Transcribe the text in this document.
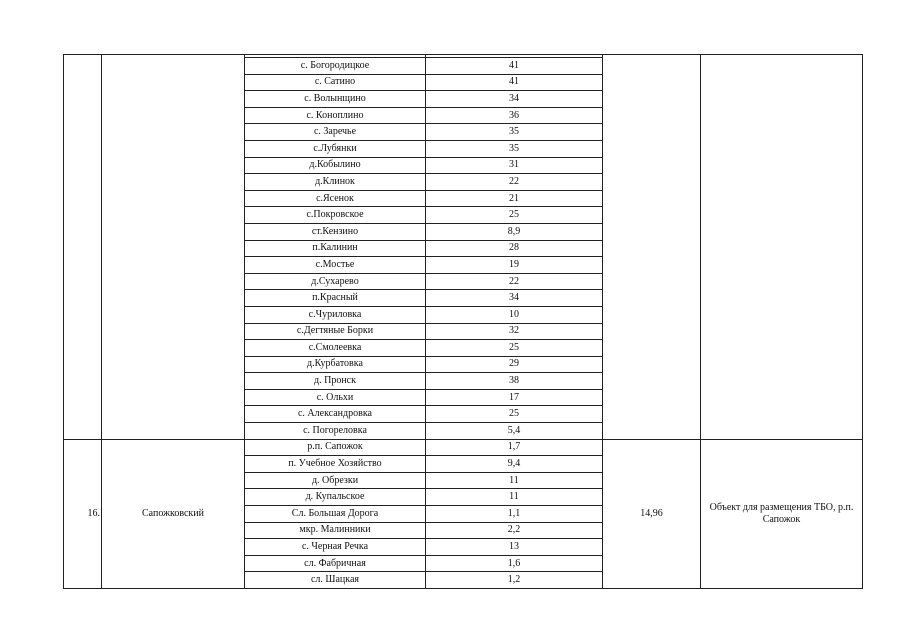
		с. Богородицкое	41		
		с. Сатино	41		
		с. Волынщино	34		
		с. Коноплино	36		
		с. Заречье	35		
		с.Лубянки	35		
		д.Кобылино	31		
		д.Клинок	22		
		с.Ясенок	21		
		с.Покровское	25		
		ст.Кензино	8,9		
		п.Калинин	28		
		с.Мостье	19		
		д.Сухарево	22		
		п.Красный	34		
		с.Чуриловка	10		
		с.Дегтяные Борки	32		
		с.Смолеевка	25		
		д.Курбатовка	29		
		д. Пронск	38		
		с. Ольхи	17		
		с. Александровка	25		
		с. Погореловка	5,4		
16.	Сапожковский	р.п. Сапожок	1,7	14,96	Объект для размещения ТБО, р.п. Сапожок
		п. Учебное Хозяйство	9,4		
		д. Обрезки	11		
		д. Купальское	11		
		Сл. Большая Дорога	1,1		
		мкр. Малинники	2,2		
		с. Черная Речка	13		
		сл. Фабричная	1,6		
		сл. Шацкая	1,2		
